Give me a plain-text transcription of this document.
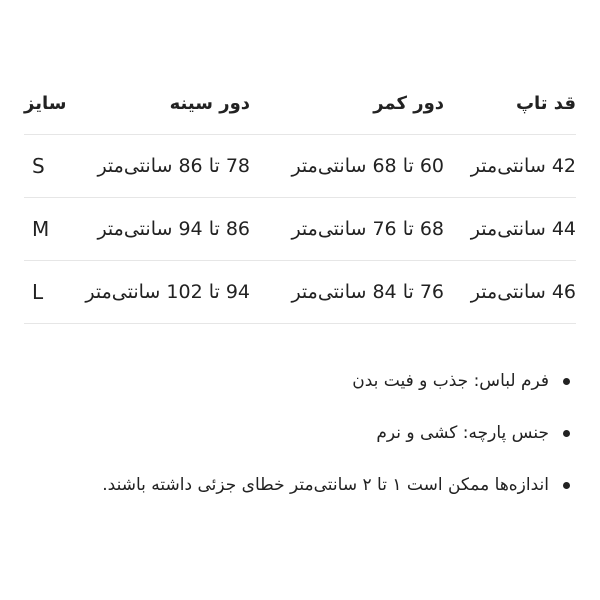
قد تاپ
دور کمر
دور سینه
سایز
42 سانتی‌متر
60 تا 68 سانتی‌متر
78 تا 86 سانتی‌متر
S
44 سانتی‌متر
68 تا 76 سانتی‌متر
86 تا 94 سانتی‌متر
M
46 سانتی‌متر
76 تا 84 سانتی‌متر
94 تا 102 سانتی‌متر
L
فرم لباس: جذب و فیت بدن
جنس پارچه: کشی و نرم
اندازه‌ها ممکن است ۱ تا ۲ سانتی‌متر خطای جزئی داشته باشند.
